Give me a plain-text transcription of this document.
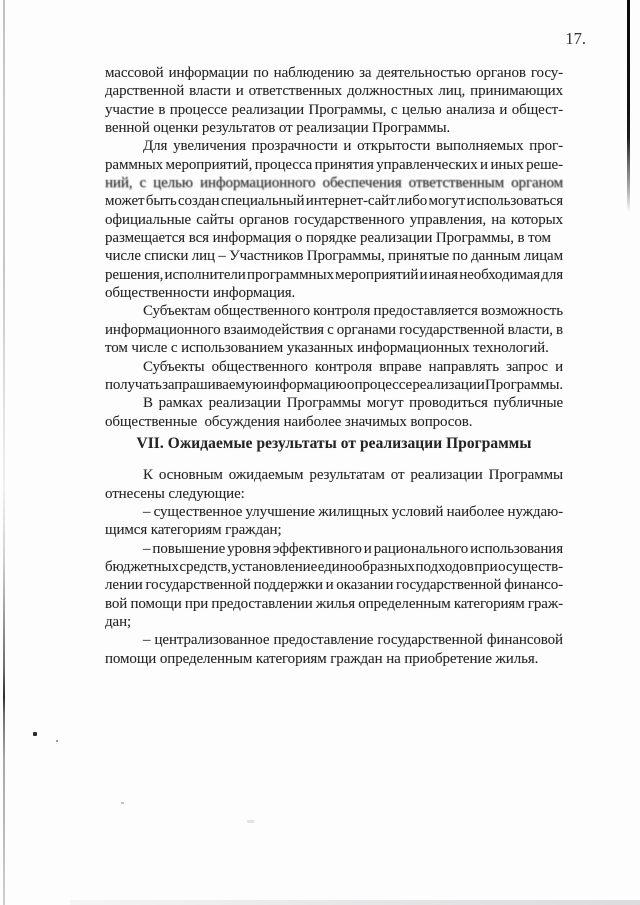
17.
массовой информации по наблюдению за деятельностью органов госу-
дарственной власти и ответственных должностных лиц, принимающих
участие в процессе реализации Программы, с целью анализа и общест-
венной оценки результатов от реализации Программы.
Для увеличения прозрачности и открытости выполняемых прог-
раммных мероприятий, процесса принятия управленческих и иных реше-
ний, с целью информационного обеспечения ответственным органом
может быть создан специальный интернет-сайт либо могут использоваться
официальные сайты органов государственного управления, на которых
размещается вся информация о порядке реализации Программы, в том
числе списки лиц – Участников Программы, принятые по данным лицам
решения, исполнители программных мероприятий и иная необходимая для
общественности информация.
Субъектам общественного контроля предоставляется возможность
информационного взаимодействия с органами государственной власти, в
том числе с использованием указанных информационных технологий.
Субъекты общественного контроля вправе направлять запрос и
получать запрашиваемую информацию о процессе реализации Программы.
В рамках реализации Программы могут проводиться публичные
общественные  обсуждения наиболее значимых вопросов.
VII. Ожидаемые результаты от реализации Программы
К основным ожидаемым результатам от реализации Программы
отнесены следующие:
– существенное улучшение жилищных условий наиболее нуждаю-
щимся категориям граждан;
– повышение уровня эффективного и рационального использования
бюджетных средств, установление единообразных подходов при осуществ-
лении государственной поддержки и оказании государственной финансо-
вой помощи при предоставлении жилья определенным категориям граж-
дан;
– централизованное предоставление государственной финансовой
помощи определенным категориям граждан на приобретение жилья.
